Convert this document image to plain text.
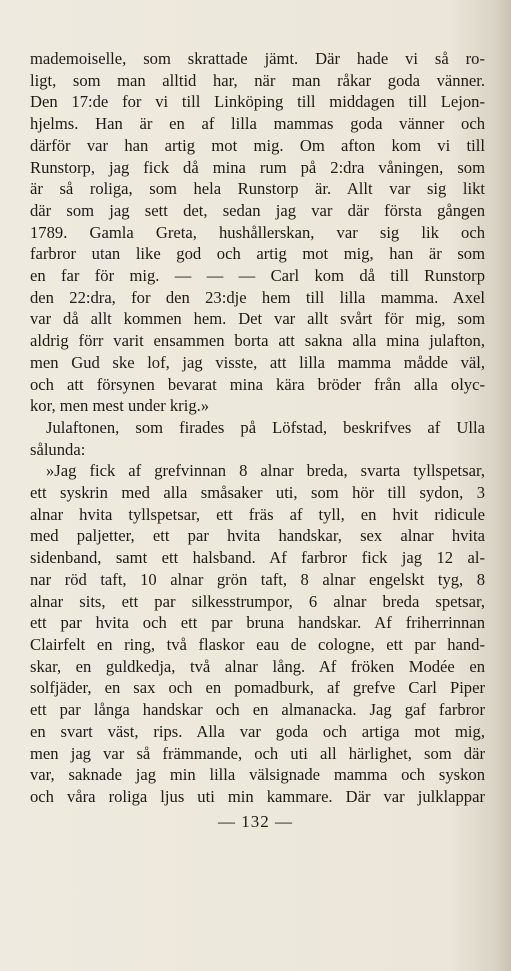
mademoiselle, som skrattade jämt. Där hade vi så ro‑
ligt, som man alltid har, när man råkar goda vänner.
Den 17:de for vi till Linköping till middagen till Lejon‑
hjelms. Han är en af lilla mammas goda vänner och
därför var han artig mot mig. Om afton kom vi till
Runstorp, jag fick då mina rum på 2:dra våningen, som
är så roliga, som hela Runstorp är. Allt var sig likt
där som jag sett det, sedan jag var där första gången
1789. Gamla Greta, hushållerskan, var sig lik och
farbror utan like god och artig mot mig, han är som
en far för mig. — — — Carl kom då till Runstorp
den 22:dra, for den 23:dje hem till lilla mamma. Axel
var då allt kommen hem. Det var allt svårt för mig, som
aldrig förr varit ensammen borta att sakna alla mina julafton,
men Gud ske lof, jag visste, att lilla mamma mådde väl,
och att försynen bevarat mina kära bröder från alla olyc‑
kor, men mest under krig.»
Julaftonen, som firades på Löfstad, beskrifves af Ulla
sålunda:
»Jag fick af grefvinnan 8 alnar breda, svarta tyllspetsar,
ett syskrin med alla småsaker uti, som hör till sydon, 3
alnar hvita tyllspetsar, ett fräs af tyll, en hvit ridicule
med paljetter, ett par hvita handskar, sex alnar hvita
sidenband, samt ett halsband. Af farbror fick jag 12 al‑
nar röd taft, 10 alnar grön taft, 8 alnar engelskt tyg, 8
alnar sits, ett par silkesstrumpor, 6 alnar breda spetsar,
ett par hvita och ett par bruna handskar. Af friherrinnan
Clairfelt en ring, två flaskor eau de cologne, ett par hand‑
skar, en guldkedja, två alnar lång. Af fröken Modée en
solfjäder, en sax och en pomadburk, af grefve Carl Piper
ett par långa handskar och en almanacka. Jag gaf farbror
en svart väst, rips. Alla var goda och artiga mot mig,
men jag var så främmande, och uti all härlighet, som där
var, saknade jag min lilla välsignade mamma och syskon
och våra roliga ljus uti min kammare. Där var julklappar
— 132 —
